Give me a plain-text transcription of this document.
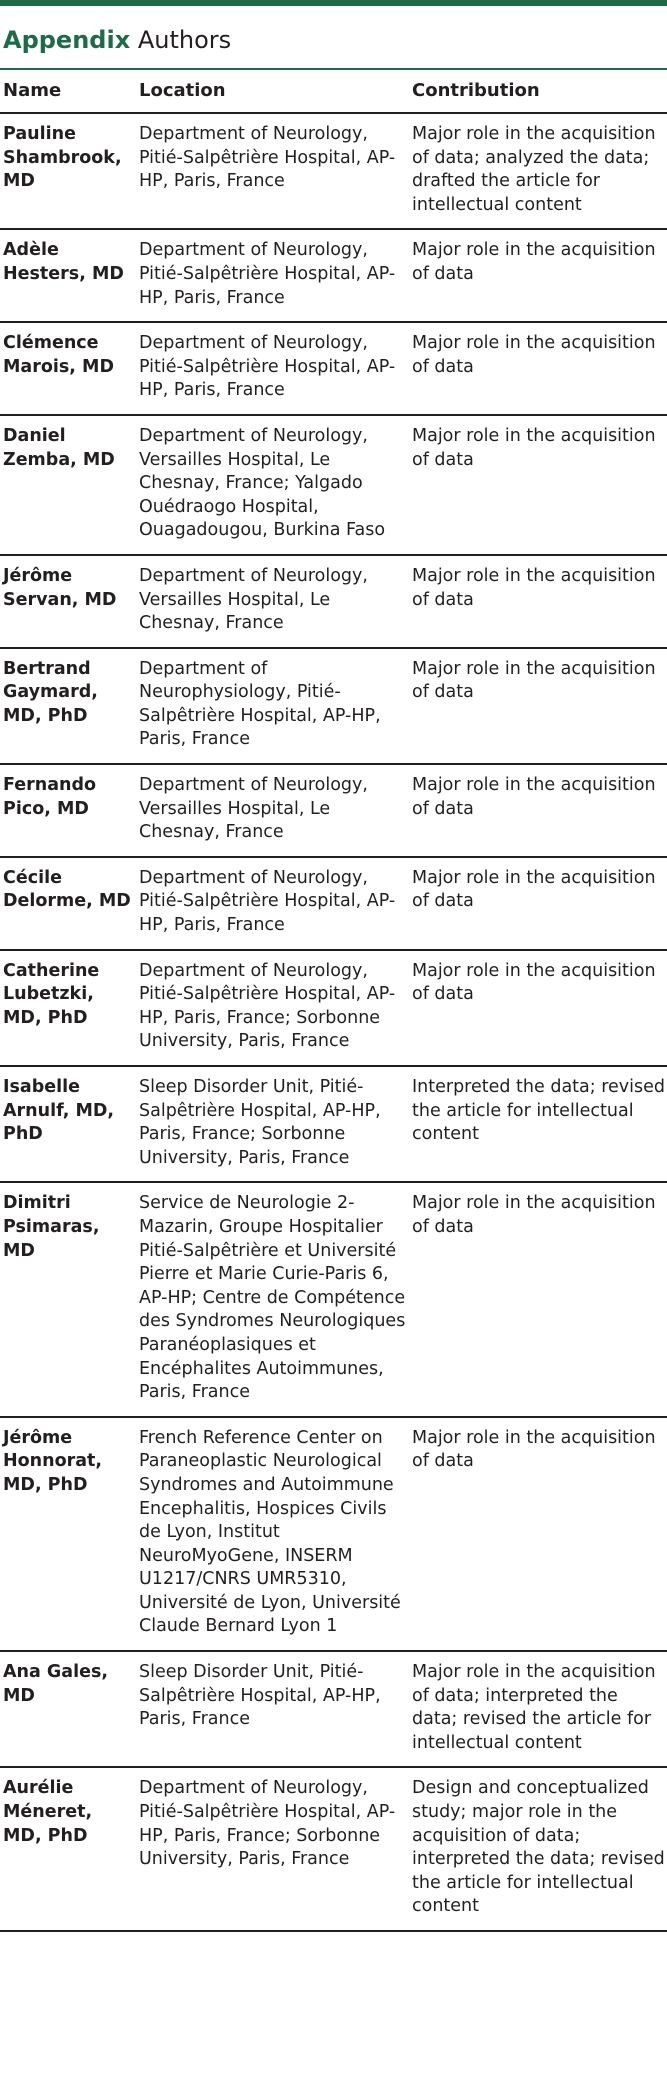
Appendix Authors
Name	Location	Contribution
Pauline Shambrook, MD	Department of Neurology, Pitié-Salpêtrière Hospital, AP-HP, Paris, France	Major role in the acquisition of data; analyzed the data; drafted the article for intellectual content
Adèle Hesters, MD	Department of Neurology, Pitié-Salpêtrière Hospital, AP-HP, Paris, France	Major role in the acquisition of data
Clémence Marois, MD	Department of Neurology, Pitié-Salpêtrière Hospital, AP-HP, Paris, France	Major role in the acquisition of data
Daniel Zemba, MD	Department of Neurology, Versailles Hospital, Le Chesnay, France; Yalgado Ouédraogo Hospital, Ouagadougou, Burkina Faso	Major role in the acquisition of data
Jérôme Servan, MD	Department of Neurology, Versailles Hospital, Le Chesnay, France	Major role in the acquisition of data
Bertrand Gaymard, MD, PhD	Department of Neurophysiology, Pitié-Salpêtrière Hospital, AP-HP, Paris, France	Major role in the acquisition of data
Fernando Pico, MD	Department of Neurology, Versailles Hospital, Le Chesnay, France	Major role in the acquisition of data
Cécile Delorme, MD	Department of Neurology, Pitié-Salpêtrière Hospital, AP-HP, Paris, France	Major role in the acquisition of data
Catherine Lubetzki, MD, PhD	Department of Neurology, Pitié-Salpêtrière Hospital, AP-HP, Paris, France; Sorbonne University, Paris, France	Major role in the acquisition of data
Isabelle Arnulf, MD, PhD	Sleep Disorder Unit, Pitié-Salpêtrière Hospital, AP-HP, Paris, France; Sorbonne University, Paris, France	Interpreted the data; revised the article for intellectual content
Dimitri Psimaras, MD	Service de Neurologie 2-Mazarin, Groupe Hospitalier Pitié-Salpêtrière et Université Pierre et Marie Curie-Paris 6, AP-HP; Centre de Compétence des Syndromes Neurologiques Paranéoplasiques et Encéphalites Autoimmunes, Paris, France	Major role in the acquisition of data
Jérôme Honnorat, MD, PhD	French Reference Center on Paraneoplastic Neurological Syndromes and Autoimmune Encephalitis, Hospices Civils de Lyon, Institut NeuroMyoGene, INSERM U1217/CNRS UMR5310, Université de Lyon, Université Claude Bernard Lyon 1	Major role in the acquisition of data
Ana Gales, MD	Sleep Disorder Unit, Pitié-Salpêtrière Hospital, AP-HP, Paris, France	Major role in the acquisition of data; interpreted the data; revised the article for intellectual content
Aurélie Méneret, MD, PhD	Department of Neurology, Pitié-Salpêtrière Hospital, AP-HP, Paris, France; Sorbonne University, Paris, France	Design and conceptualized study; major role in the acquisition of data; interpreted the data; revised the article for intellectual content
